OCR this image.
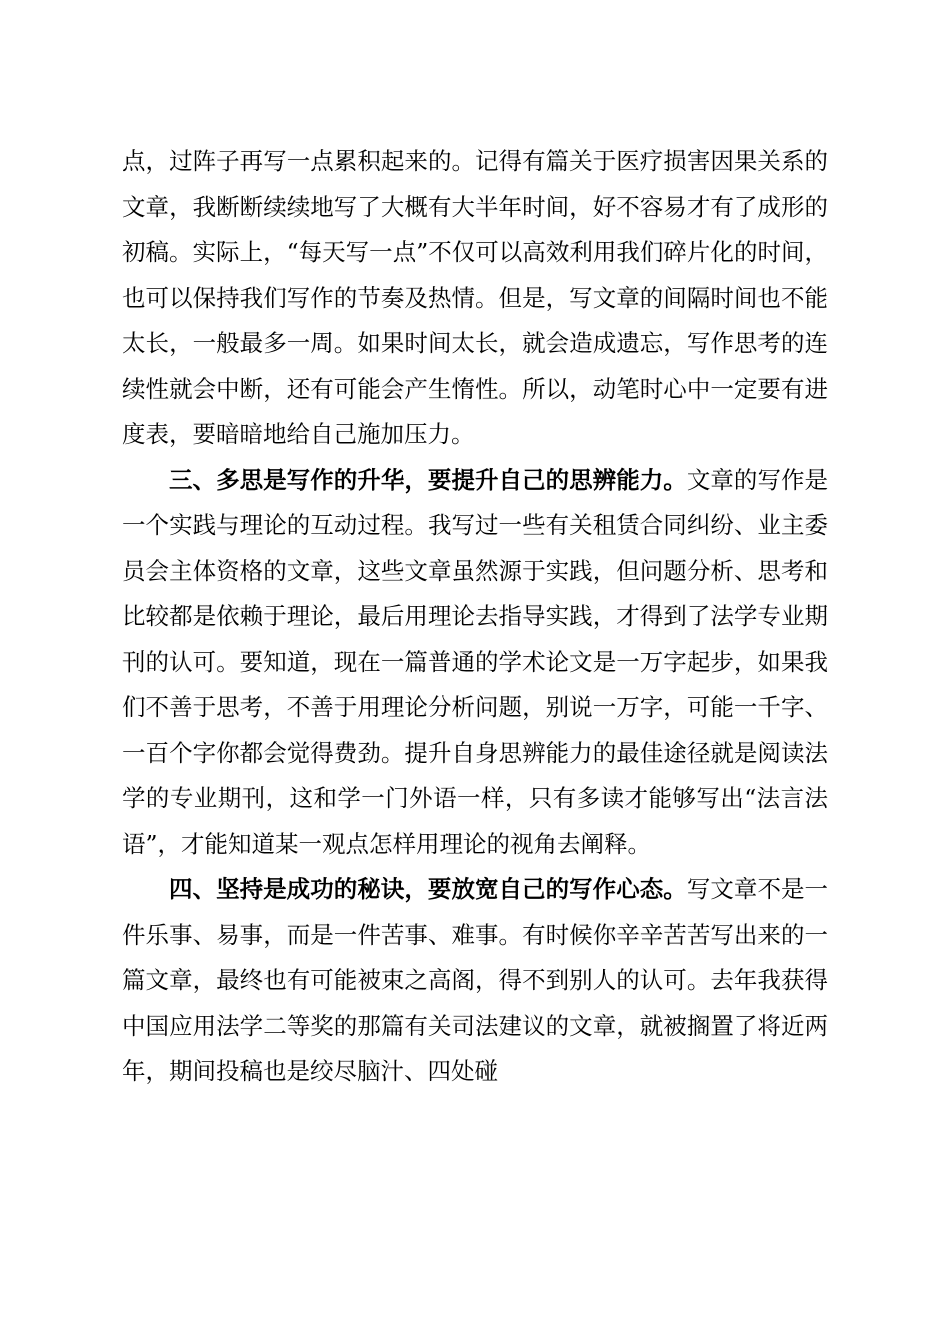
点，过阵子再写一点累积起来的。记得有篇关于医疗损害因果关系的文章，我断断续续地写了大概有大半年时间，好不容易才有了成形的初稿。实际上，“每天写一点”不仅可以高效利用我们碎片化的时间，也可以保持我们写作的节奏及热情。但是，写文章的间隔时间也不能太长，一般最多一周。如果时间太长，就会造成遗忘，写作思考的连续性就会中断，还有可能会产生惰性。所以，动笔时心中一定要有进度表，要暗暗地给自己施加压力。

三、多思是写作的升华，要提升自己的思辨能力。文章的写作是一个实践与理论的互动过程。我写过一些有关租赁合同纠纷、业主委员会主体资格的文章，这些文章虽然源于实践，但问题分析、思考和比较都是依赖于理论，最后用理论去指导实践，才得到了法学专业期刊的认可。要知道，现在一篇普通的学术论文是一万字起步，如果我们不善于思考，不善于用理论分析问题，别说一万字，可能一千字、一百个字你都会觉得费劲。提升自身思辨能力的最佳途径就是阅读法学的专业期刊，这和学一门外语一样，只有多读才能够写出“法言法语”，才能知道某一观点怎样用理论的视角去阐释。

四、坚持是成功的秘诀，要放宽自己的写作心态。写文章不是一件乐事、易事，而是一件苦事、难事。有时候你辛辛苦苦写出来的一篇文章，最终也有可能被束之高阁，得不到别人的认可。去年我获得中国应用法学二等奖的那篇有关司法建议的文章，就被搁置了将近两年，期间投稿也是绞尽脑汁、四处碰
